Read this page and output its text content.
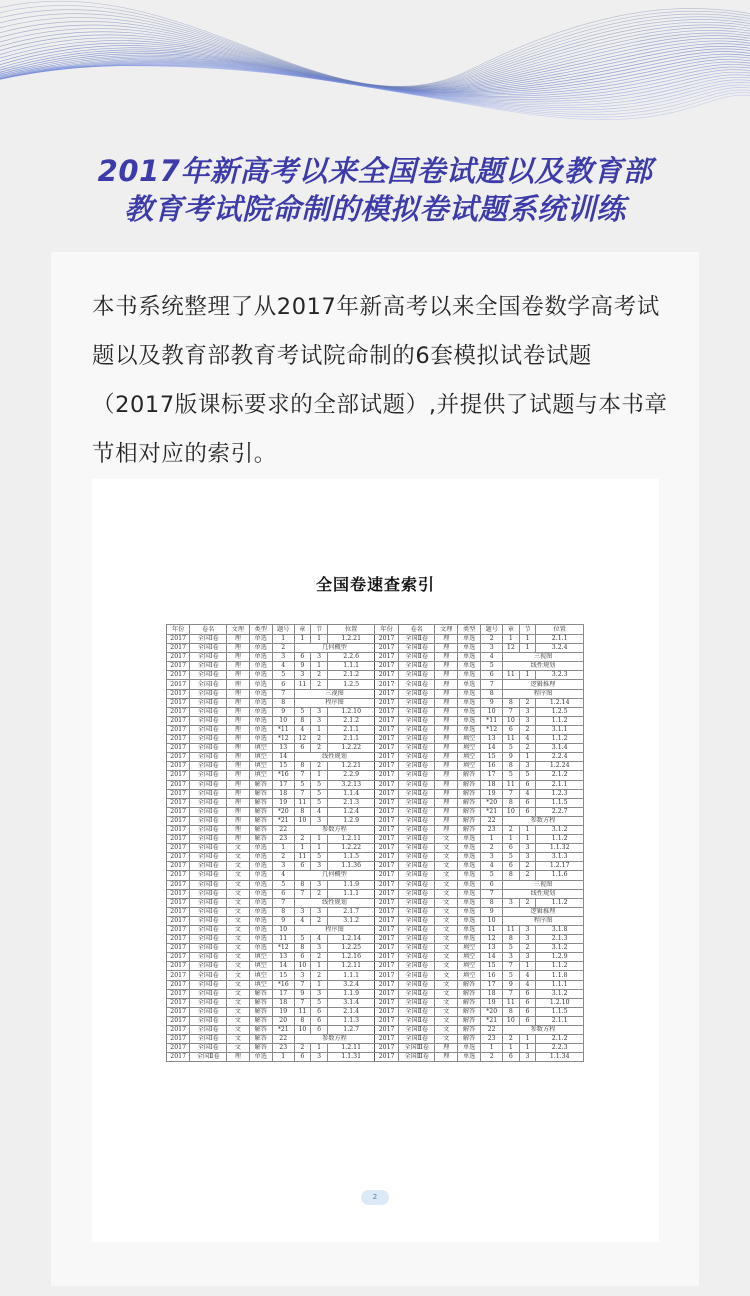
2017年新高考以来全国卷试题以及教育部
教育考试院命制的模拟卷试题系统训练
本书系统整理了从2017年新高考以来全国卷数学高考试题以及教育部教育考试院命制的6套模拟试卷试题（2017版课标要求的全部试题）,并提供了试题与本书章节相对应的索引。
全国卷速查索引
年份	卷名	文理	类型	题号	章	节	位置	年份	卷名	文理	类型	题号	章	节	位置
2017	全国Ⅰ卷	理	单选	1	1	1	1.2.21	2017	全国Ⅱ卷	理	单选	2	1	1	2.1.1
2017	全国Ⅰ卷	理	单选	2	几何概型			2017	全国Ⅱ卷	理	单选	3	12	1	3.2.4
2017	全国Ⅰ卷	理	单选	3	6	3	2.2.6	2017	全国Ⅱ卷	理	单选	4	三视图		
2017	全国Ⅰ卷	理	单选	4	9	1	1.1.1	2017	全国Ⅱ卷	理	单选	5	线性规划		
2017	全国Ⅰ卷	理	单选	5	3	2	2.1.2	2017	全国Ⅱ卷	理	单选	6	11	1	3.2.3
2017	全国Ⅰ卷	理	单选	6	11	2	1.2.5	2017	全国Ⅱ卷	理	单选	7	逻辑推理		
2017	全国Ⅰ卷	理	单选	7	三视图			2017	全国Ⅱ卷	理	单选	8	程序图		
2017	全国Ⅰ卷	理	单选	8	程序图			2017	全国Ⅱ卷	理	单选	9	8	2	1.2.14
2017	全国Ⅰ卷	理	单选	9	5	3	1.2.10	2017	全国Ⅱ卷	理	单选	10	7	3	1.2.5
2017	全国Ⅰ卷	理	单选	10	8	3	2.1.2	2017	全国Ⅱ卷	理	单选	*11	10	3	1.1.2
2017	全国Ⅰ卷	理	单选	*11	4	1	2.1.1	2017	全国Ⅱ卷	理	单选	*12	6	2	3.1.1
2017	全国Ⅰ卷	理	单选	*12	12	2	2.1.1	2017	全国Ⅱ卷	理	填空	13	11	4	1.1.2
2017	全国Ⅰ卷	理	填空	13	6	2	1.2.22	2017	全国Ⅱ卷	理	填空	14	5	2	3.1.4
2017	全国Ⅰ卷	理	填空	14	线性规划			2017	全国Ⅱ卷	理	填空	15	9	1	2.2.4
2017	全国Ⅰ卷	理	填空	15	8	2	1.2.21	2017	全国Ⅱ卷	理	填空	16	8	3	1.2.24
2017	全国Ⅰ卷	理	填空	*16	7	1	2.2.9	2017	全国Ⅱ卷	理	解答	17	5	5	2.1.2
2017	全国Ⅰ卷	理	解答	17	5	5	3.2.13	2017	全国Ⅱ卷	理	解答	18	11	6	2.1.1
2017	全国Ⅰ卷	理	解答	18	7	5	1.1.4	2017	全国Ⅱ卷	理	解答	19	7	4	1.2.3
2017	全国Ⅰ卷	理	解答	19	11	5	2.1.3	2017	全国Ⅱ卷	理	解答	*20	8	6	1.1.5
2017	全国Ⅰ卷	理	解答	*20	8	4	1.2.4	2017	全国Ⅱ卷	理	解答	*21	10	6	2.2.7
2017	全国Ⅰ卷	理	解答	*21	10	3	1.2.9	2017	全国Ⅱ卷	理	解答	22	参数方程		
2017	全国Ⅰ卷	理	解答	22	参数方程			2017	全国Ⅱ卷	理	解答	23	2	1	3.1.2
2017	全国Ⅰ卷	理	解答	23	2	1	1.2.11	2017	全国Ⅱ卷	文	单选	1	1	1	1.1.2
2017	全国Ⅰ卷	文	单选	1	1	1	1.2.22	2017	全国Ⅱ卷	文	单选	2	6	3	1.1.32
2017	全国Ⅰ卷	文	单选	2	11	5	1.1.5	2017	全国Ⅱ卷	文	单选	3	5	3	3.1.3
2017	全国Ⅰ卷	文	单选	3	6	3	1.1.36	2017	全国Ⅱ卷	文	单选	4	6	2	1.2.17
2017	全国Ⅰ卷	文	单选	4	几何概型			2017	全国Ⅱ卷	文	单选	5	8	2	1.1.6
2017	全国Ⅰ卷	文	单选	5	8	3	1.1.9	2017	全国Ⅱ卷	文	单选	6	三视图		
2017	全国Ⅰ卷	文	单选	6	7	2	1.1.1	2017	全国Ⅱ卷	文	单选	7	线性规划		
2017	全国Ⅰ卷	文	单选	7	线性规划			2017	全国Ⅱ卷	文	单选	8	3	2	1.1.2
2017	全国Ⅰ卷	文	单选	8	3	3	2.1.7	2017	全国Ⅱ卷	文	单选	9	逻辑推理		
2017	全国Ⅰ卷	文	单选	9	4	2	3.1.2	2017	全国Ⅱ卷	文	单选	10	程序图		
2017	全国Ⅰ卷	文	单选	10	程序图			2017	全国Ⅱ卷	文	单选	11	11	3	3.1.8
2017	全国Ⅰ卷	文	单选	11	5	4	1.2.14	2017	全国Ⅱ卷	文	单选	12	8	3	2.1.3
2017	全国Ⅰ卷	文	单选	*12	8	3	1.2.25	2017	全国Ⅱ卷	文	填空	13	5	2	3.1.2
2017	全国Ⅰ卷	文	填空	13	6	2	1.2.16	2017	全国Ⅱ卷	文	填空	14	3	3	1.2.9
2017	全国Ⅰ卷	文	填空	14	10	1	1.2.11	2017	全国Ⅱ卷	文	填空	15	7	1	1.1.2
2017	全国Ⅰ卷	文	填空	15	3	2	1.1.1	2017	全国Ⅱ卷	文	填空	16	5	4	1.1.8
2017	全国Ⅰ卷	文	填空	*16	7	1	3.2.4	2017	全国Ⅱ卷	文	解答	17	9	4	1.1.1
2017	全国Ⅰ卷	文	解答	17	9	3	1.1.9	2017	全国Ⅱ卷	文	解答	18	7	6	3.1.2
2017	全国Ⅰ卷	文	解答	18	7	5	3.1.4	2017	全国Ⅱ卷	文	解答	19	11	6	1.2.10
2017	全国Ⅰ卷	文	解答	19	11	6	2.1.4	2017	全国Ⅱ卷	文	解答	*20	8	6	1.1.5
2017	全国Ⅰ卷	文	解答	20	8	6	1.1.3	2017	全国Ⅱ卷	文	解答	*21	10	6	2.1.1
2017	全国Ⅰ卷	文	解答	*21	10	6	1.2.7	2017	全国Ⅱ卷	文	解答	22	参数方程		
2017	全国Ⅰ卷	文	解答	22	参数方程			2017	全国Ⅱ卷	文	解答	23	2	1	2.1.2
2017	全国Ⅰ卷	文	解答	23	2	1	1.2.11	2017	全国Ⅲ卷	理	单选	1	1	1	2.2.3
2017	全国Ⅱ卷	理	单选	1	6	3	1.1.31	2017	全国Ⅲ卷	理	单选	2	6	3	1.1.34
2
